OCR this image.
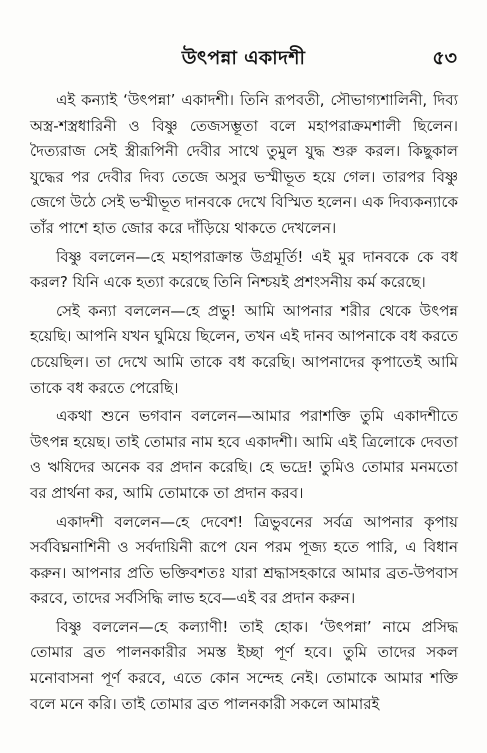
উৎপন্না একাদশী	৫৩

এই কন্যাই ‘উৎপন্না’ একাদশী। তিনি রূপবতী, সৌভাগ্যশালিনী, দিব্য অস্ত্র-শস্ত্রধারিনী ও বিষ্ণু তেজসম্ভূতা বলে মহাপরাক্রমশালী ছিলেন। দৈত্যরাজ সেই স্ত্রীরূপিনী দেবীর সাথে তুমুল যুদ্ধ শুরু করল। কিছুকাল যুদ্ধের পর দেবীর দিব্য তেজে অসুর ভস্মীভূত হয়ে গেল। তারপর বিষ্ণু জেগে উঠে সেই ভস্মীভূত দানবকে দেখে বিস্মিত হলেন। এক দিব্যকন্যাকে তাঁর পাশে হাত জোর করে দাঁড়িয়ে থাকতে দেখলেন।

বিষ্ণু বললেন—হে মহাপরাক্রান্ত উগ্রমূর্তি! এই মুর দানবকে কে বধ করল? যিনি একে হত্যা করেছে তিনি নিশ্চয়ই প্রশংসনীয় কর্ম করেছে।

সেই কন্যা বললেন—হে প্রভু! আমি আপনার শরীর থেকে উৎপন্ন হয়েছি। আপনি যখন ঘুমিয়ে ছিলেন, তখন এই দানব আপনাকে বধ করতে চেয়েছিল। তা দেখে আমি তাকে বধ করেছি। আপনাদের কৃপাতেই আমি তাকে বধ করতে পেরেছি।

একথা শুনে ভগবান বললেন—আমার পরাশক্তি তুমি একাদশীতে উৎপন্ন হয়েছ। তাই তোমার নাম হবে একাদশী। আমি এই ত্রিলোকে দেবতা ও ঋষিদের অনেক বর প্রদান করেছি। হে ভদ্রে! তুমিও তোমার মনমতো বর প্রার্থনা কর, আমি তোমাকে তা প্রদান করব।

একাদশী বললেন—হে দেবেশ! ত্রিভুবনের সর্বত্র আপনার কৃপায় সর্ববিঘ্ননাশিনী ও সর্বদায়িনী রূপে যেন পরম পূজ্য হতে পারি, এ বিধান করুন। আপনার প্রতি ভক্তিবশতঃ যারা শ্রদ্ধাসহকারে আমার ব্রত-উপবাস করবে, তাদের সর্বসিদ্ধি লাভ হবে—এই বর প্রদান করুন।

বিষ্ণু বললেন—হে কল্যাণী! তাই হোক। ‘উৎপন্না’ নামে প্রসিদ্ধ তোমার ব্রত পালনকারীর সমস্ত ইচ্ছা পূর্ণ হবে। তুমি তাদের সকল মনোবাসনা পূর্ণ করবে, এতে কোন সন্দেহ নেই। তোমাকে আমার শক্তি বলে মনে করি। তাই তোমার ব্রত পালনকারী সকলে আমারই
